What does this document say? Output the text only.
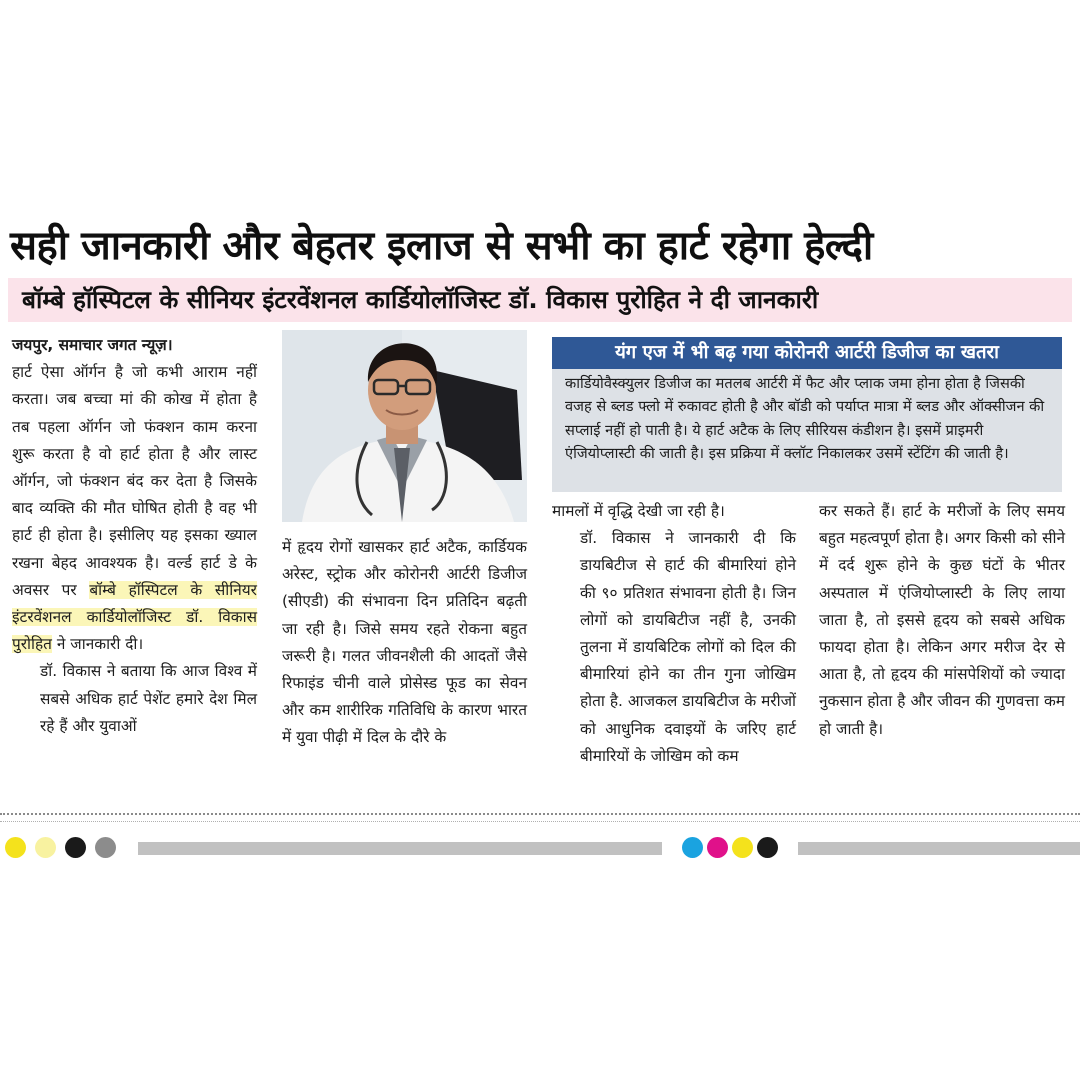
सही जानकारी और बेहतर इलाज से सभी का हार्ट रहेगा हेल्दी
बॉम्बे हॉस्पिटल के सीनियर इंटरवेंशनल कार्डियोलॉजिस्ट डॉ. विकास पुरोहित ने दी जानकारी

जयपुर, समाचार जगत न्यूज़।
हार्ट ऐसा ऑर्गन है जो कभी आराम नहीं करता। जब बच्चा मां की कोख में होता है तब पहला ऑर्गन जो फंक्शन काम करना शुरू करता है वो हार्ट होता है और लास्ट ऑर्गन, जो फंक्शन बंद कर देता है जिसके बाद व्यक्ति की मौत घोषित होती है वह भी हार्ट ही होता है। इसीलिए यह इसका ख्याल रखना बेहद आवश्यक है। वर्ल्ड हार्ट डे के अवसर पर बॉम्बे हॉस्पिटल के सीनियर इंटरवेंशनल कार्डियोलॉजिस्ट डॉ. विकास पुरोहित ने जानकारी दी।

डॉ. विकास ने बताया कि आज विश्व में सबसे अधिक हार्ट पेशेंट हमारे देश मिल रहे हैं और युवाओं

में हृदय रोगों खासकर हार्ट अटैक, कार्डियक अरेस्ट, स्ट्रोक और कोरोनरी आर्टरी डिजीज (सीएडी) की संभावना दिन प्रतिदिन बढ़ती जा रही है। जिसे समय रहते रोकना बहुत जरूरी है। गलत जीवनशैली की आदतों जैसे रिफाइंड चीनी वाले प्रोसेस्ड फूड का सेवन और कम शारीरिक गतिविधि के कारण भारत में युवा पीढ़ी में दिल के दौरे के

यंग एज में भी बढ़ गया कोरोनरी आर्टरी डिजीज का खतरा

कार्डियोवैस्क्युलर डिजीज का मतलब आर्टरी में फैट और प्लाक जमा होना होता है जिसकी वजह से ब्लड फ्लो में रुकावट होती है और बॉडी को पर्याप्त मात्रा में ब्लड और ऑक्सीजन की सप्लाई नहीं हो पाती है। ये हार्ट अटैक के लिए सीरियस कंडीशन है। इसमें प्राइमरी एंजियोप्लास्टी की जाती है। इस प्रक्रिया में क्लॉट निकालकर उसमें स्टेंटिंग की जाती है।

मामलों में वृद्धि देखी जा रही है।

डॉ. विकास ने जानकारी दी कि डायबिटीज से हार्ट की बीमारियां होने की ९० प्रतिशत संभावना होती है। जिन लोगों को डायबिटीज नहीं है, उनकी तुलना में डायबिटिक लोगों को दिल की बीमारियां होने का तीन गुना जोखिम होता है. आजकल डायबिटीज के मरीजों को आधुनिक दवाइयों के जरिए हार्ट बीमारियों के जोखिम को कम

कर सकते हैं। हार्ट के मरीजों के लिए समय बहुत महत्वपूर्ण होता है। अगर किसी को सीने में दर्द शुरू होने के कुछ घंटों के भीतर अस्पताल में एंजियोप्लास्टी के लिए लाया जाता है, तो इससे हृदय को सबसे अधिक फायदा होता है। लेकिन अगर मरीज देर से आता है, तो हृदय की मांसपेशियों को ज्यादा नुकसान होता है और जीवन की गुणवत्ता कम हो जाती है।
